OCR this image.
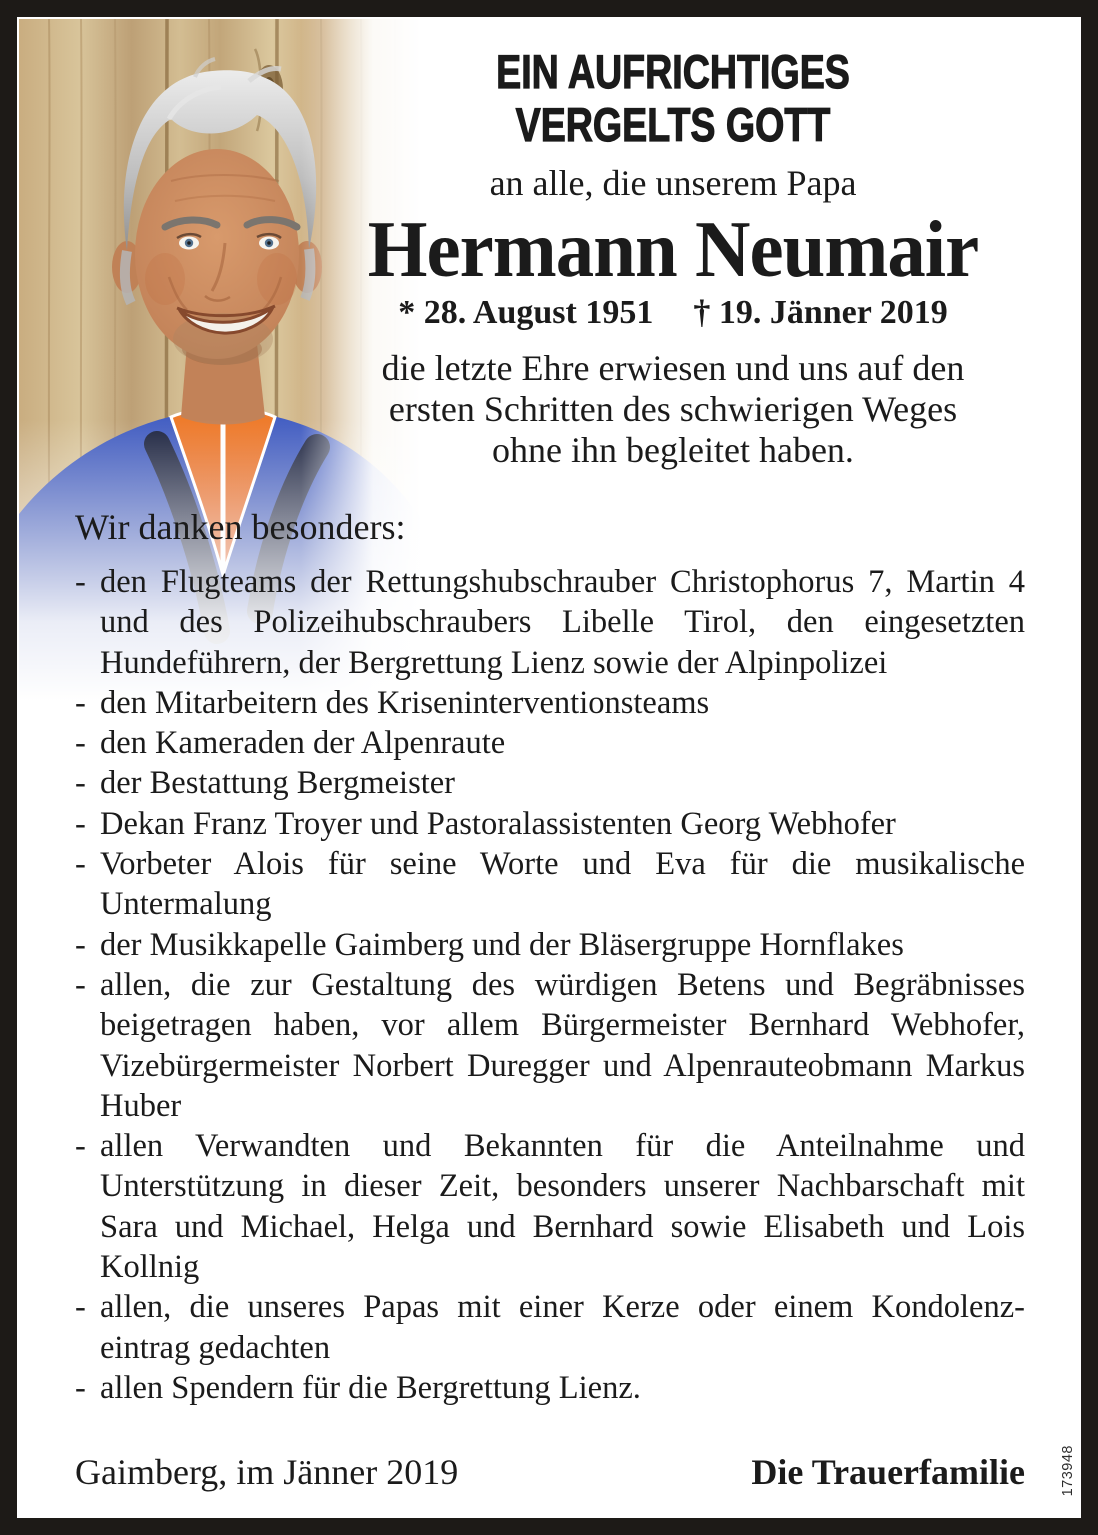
EIN AUFRICHTIGES
VERGELTS GOTT
an alle, die unserem Papa
Hermann Neumair
* 28. August 1951 † 19. Jänner 2019
die letzte Ehre erwiesen und uns auf den
ersten Schritten des schwierigen Weges
ohne ihn begleitet haben.
Wir danken besonders:
- den Flugteams der Rettungshubschrauber Christophorus 7, Martin 4 und des Polizeihubschraubers Libelle Tirol, den eingesetzten Hundeführern, der Bergrettung Lienz sowie der Alpinpolizei
- den Mitarbeitern des Kriseninterventionsteams
- den Kameraden der Alpenraute
- der Bestattung Bergmeister
- Dekan Franz Troyer und Pastoralassistenten Georg Webhofer
- Vorbeter Alois für seine Worte und Eva für die musikalische Untermalung
- der Musikkapelle Gaimberg und der Bläsergruppe Hornflakes
- allen, die zur Gestaltung des würdigen Betens und Begräbnisses beigetragen haben, vor allem Bürgermeister Bernhard Webhofer, Vizebürgermeister Norbert Duregger und Alpenrauteobmann Markus Huber
- allen Verwandten und Bekannten für die Anteilnahme und Unterstützung in dieser Zeit, besonders unserer Nachbarschaft mit Sara und Michael, Helga und Bernhard sowie Elisabeth und Lois Kollnig
- allen, die unseres Papas mit einer Kerze oder einem Kondolenz- eintrag gedachten
- allen Spendern für die Bergrettung Lienz.
Gaimberg, im Jänner 2019	Die Trauerfamilie 173948
